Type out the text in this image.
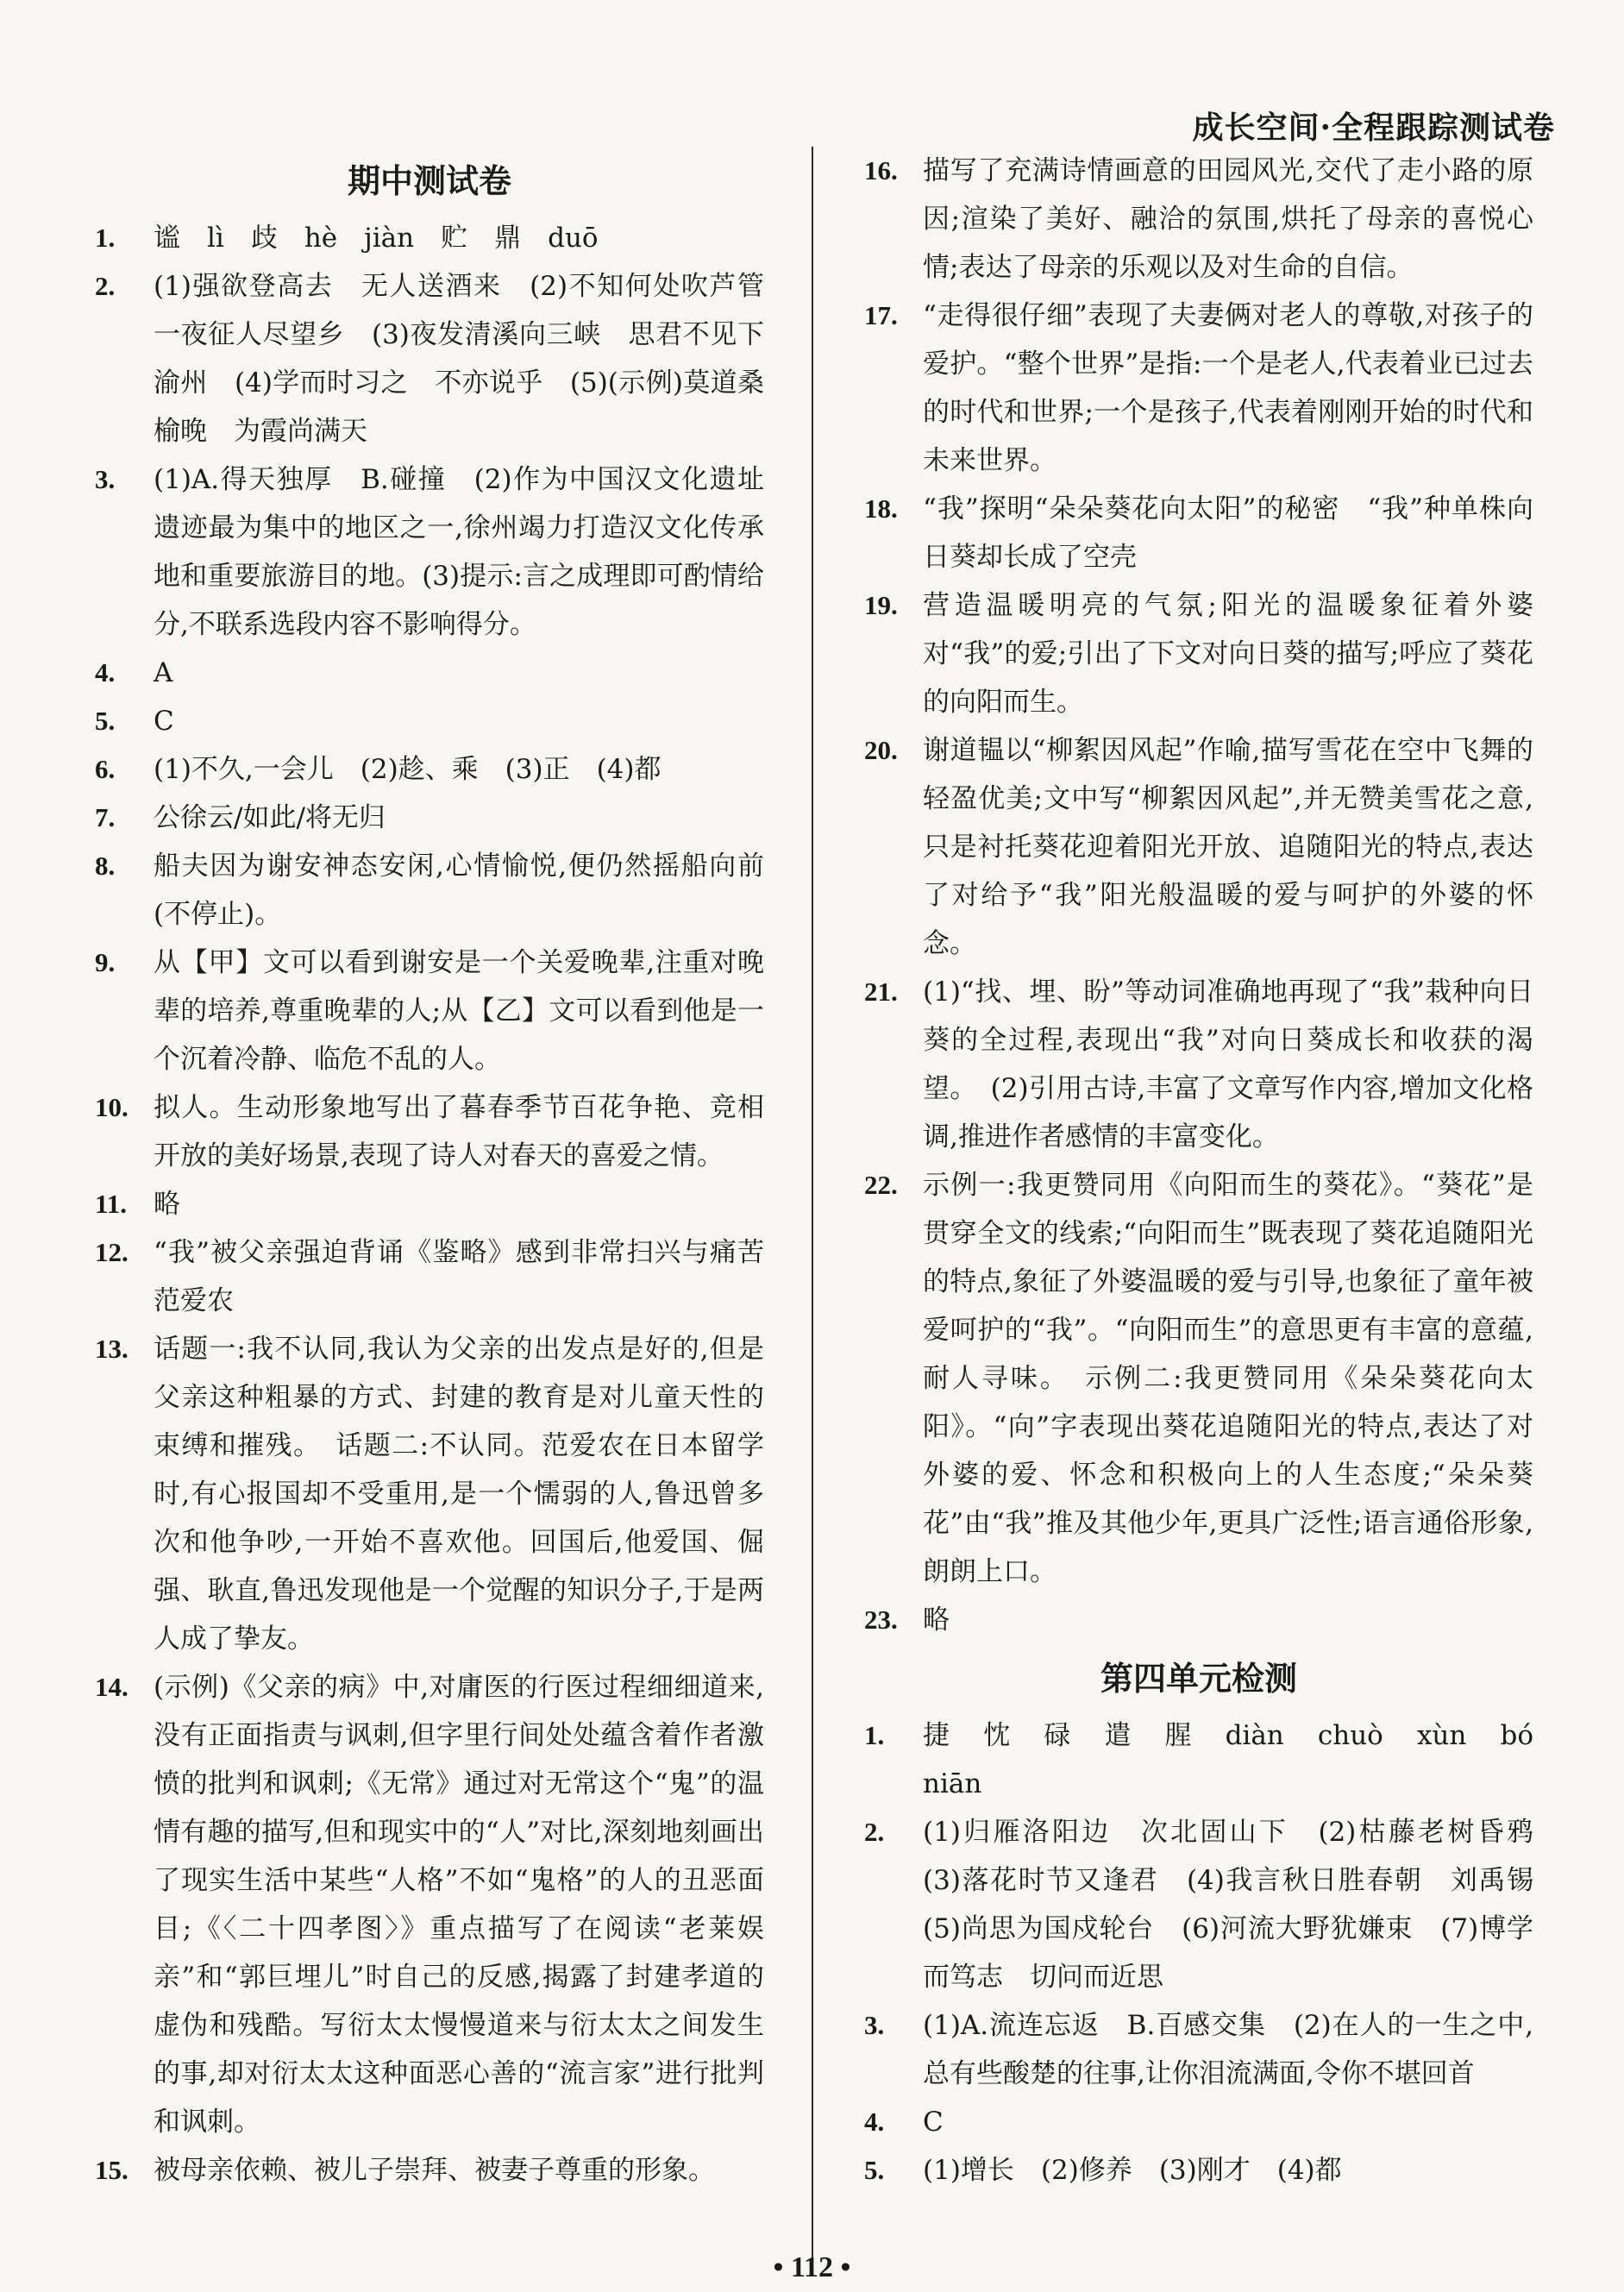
成长空间·全程跟踪测试卷
期中测试卷
1.	谧　lì　歧　hè　jiàn　贮　鼎　duō
2.	(1)强欲登高去　无人送酒来　(2)不知何处吹芦管　一夜征人尽望乡　(3)夜发清溪向三峡　思君不见下渝州　(4)学而时习之　不亦说乎　(5)(示例)莫道桑榆晚　为霞尚满天
3.	(1)A.得天独厚　B.碰撞　(2)作为中国汉文化遗址遗迹最为集中的地区之一,徐州竭力打造汉文化传承地和重要旅游目的地。(3)提示:言之成理即可酌情给分,不联系选段内容不影响得分。
4.	A
5.	C
6.	(1)不久,一会儿　(2)趁、乘　(3)正　(4)都
7.	公徐云/如此/将无归
8.	船夫因为谢安神态安闲,心情愉悦,便仍然摇船向前(不停止)。
9.	从【甲】文可以看到谢安是一个关爱晚辈,注重对晚辈的培养,尊重晚辈的人;从【乙】文可以看到他是一个沉着冷静、临危不乱的人。
10. 拟人。生动形象地写出了暮春季节百花争艳、竞相开放的美好场景,表现了诗人对春天的喜爱之情。
11. 略
12. “我”被父亲强迫背诵《鉴略》感到非常扫兴与痛苦　范爱农
13. 话题一:我不认同,我认为父亲的出发点是好的,但是父亲这种粗暴的方式、封建的教育是对儿童天性的束缚和摧残。　话题二:不认同。范爱农在日本留学时,有心报国却不受重用,是一个懦弱的人,鲁迅曾多次和他争吵,一开始不喜欢他。回国后,他爱国、倔强、耿直,鲁迅发现他是一个觉醒的知识分子,于是两人成了挚友。
14. (示例)《父亲的病》中,对庸医的行医过程细细道来,没有正面指责与讽刺,但字里行间处处蕴含着作者激愤的批判和讽刺;《无常》通过对无常这个“鬼”的温情有趣的描写,但和现实中的“人”对比,深刻地刻画出了现实生活中某些“人格”不如“鬼格”的人的丑恶面目;《〈二十四孝图〉》重点描写了在阅读“老莱娱亲”和“郭巨埋儿”时自己的反感,揭露了封建孝道的虚伪和残酷。写衍太太慢慢道来与衍太太之间发生的事,却对衍太太这种面恶心善的“流言家”进行批判和讽刺。
15. 被母亲依赖、被儿子崇拜、被妻子尊重的形象。
16. 描写了充满诗情画意的田园风光,交代了走小路的原因;渲染了美好、融洽的氛围,烘托了母亲的喜悦心情;表达了母亲的乐观以及对生命的自信。
17. “走得很仔细”表现了夫妻俩对老人的尊敬,对孩子的爱护。“整个世界”是指:一个是老人,代表着业已过去的时代和世界;一个是孩子,代表着刚刚开始的时代和未来世界。
18. “我”探明“朵朵葵花向太阳”的秘密　“我”种单株向日葵却长成了空壳
19. 营造温暖明亮的气氛;阳光的温暖象征着外婆对“我”的爱;引出了下文对向日葵的描写;呼应了葵花的向阳而生。
20. 谢道韫以“柳絮因风起”作喻,描写雪花在空中飞舞的轻盈优美;文中写“柳絮因风起”,并无赞美雪花之意,只是衬托葵花迎着阳光开放、追随阳光的特点,表达了对给予“我”阳光般温暖的爱与呵护的外婆的怀念。
21. (1)“找、埋、盼”等动词准确地再现了“我”栽种向日葵的全过程,表现出“我”对向日葵成长和收获的渴望。　(2)引用古诗,丰富了文章写作内容,增加文化格调,推进作者感情的丰富变化。
22. 示例一:我更赞同用《向阳而生的葵花》。“葵花”是贯穿全文的线索;“向阳而生”既表现了葵花追随阳光的特点,象征了外婆温暖的爱与引导,也象征了童年被爱呵护的“我”。“向阳而生”的意思更有丰富的意蕴,耐人寻味。　示例二:我更赞同用《朵朵葵花向太阳》。“向”字表现出葵花追随阳光的特点,表达了对外婆的爱、怀念和积极向上的人生态度;“朵朵葵花”由“我”推及其他少年,更具广泛性;语言通俗形象,朗朗上口。
23. 略
第四单元检测
1.	捷　忱　碌　遣　腥　diàn　chuò　xùn　bó　niān
2.	(1)归雁洛阳边　次北固山下　(2)枯藤老树昏鸦　(3)落花时节又逢君　(4)我言秋日胜春朝　刘禹锡　(5)尚思为国戍轮台　(6)河流大野犹嫌束　(7)博学而笃志　切问而近思
3.	(1)A.流连忘返　B.百感交集　(2)在人的一生之中,总有些酸楚的往事,让你泪流满面,令你不堪回首
4.	C
5.	(1)增长　(2)修养　(3)刚才　(4)都
• 112 •
